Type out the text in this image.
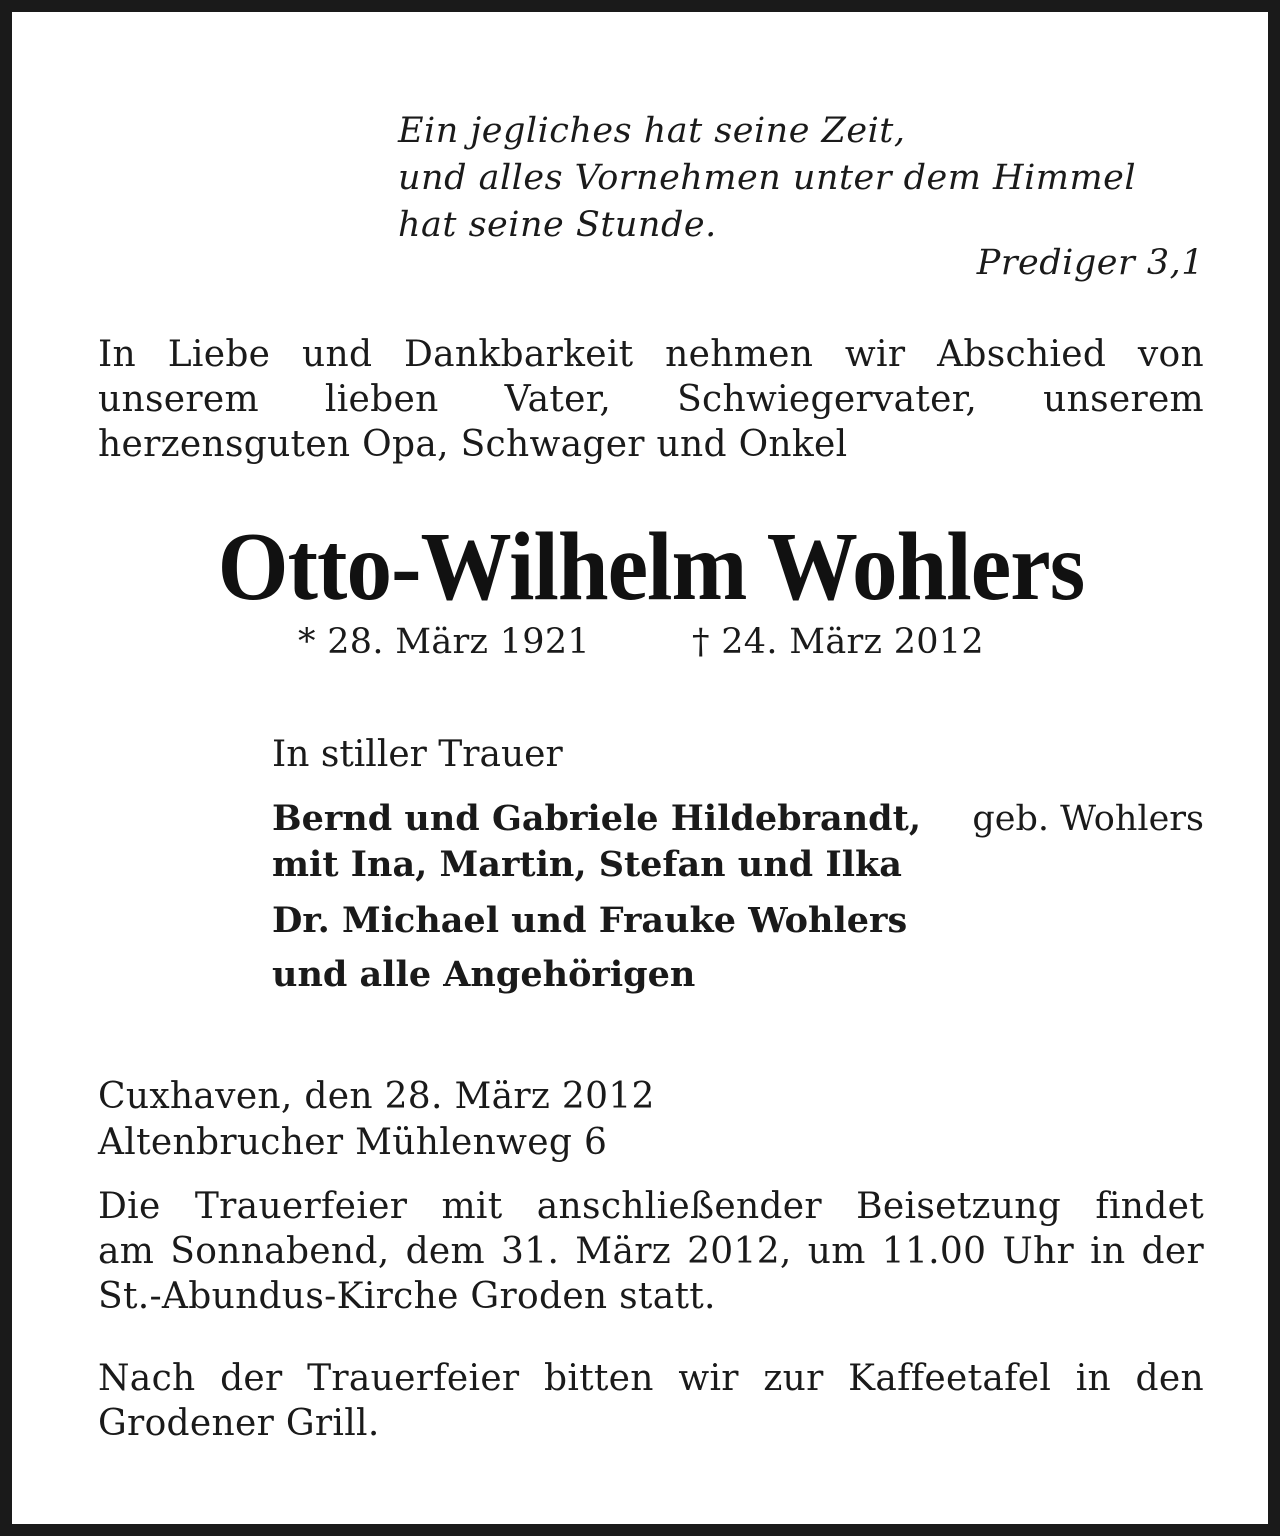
Ein jegliches hat seine Zeit,
und alles Vornehmen unter dem Himmel
hat seine Stunde.
Prediger 3,1
In Liebe und Dankbarkeit nehmen wir Abschied von
unserem lieben Vater, Schwiegervater, unserem
herzensguten Opa, Schwager und Onkel
Otto-Wilhelm Wohlers
* 28. März 1921	† 24. März 2012
In stiller Trauer
Bernd und Gabriele Hildebrandt, geb. Wohlers
mit Ina, Martin, Stefan und Ilka
Dr. Michael und Frauke Wohlers
und alle Angehörigen
Cuxhaven, den 28. März 2012
Altenbrucher Mühlenweg 6
Die Trauerfeier mit anschließender Beisetzung findet
am Sonnabend, dem 31. März 2012, um 11.00 Uhr in der
St.-Abundus-Kirche Groden statt.
Nach der Trauerfeier bitten wir zur Kaffeetafel in den
Grodener Grill.
